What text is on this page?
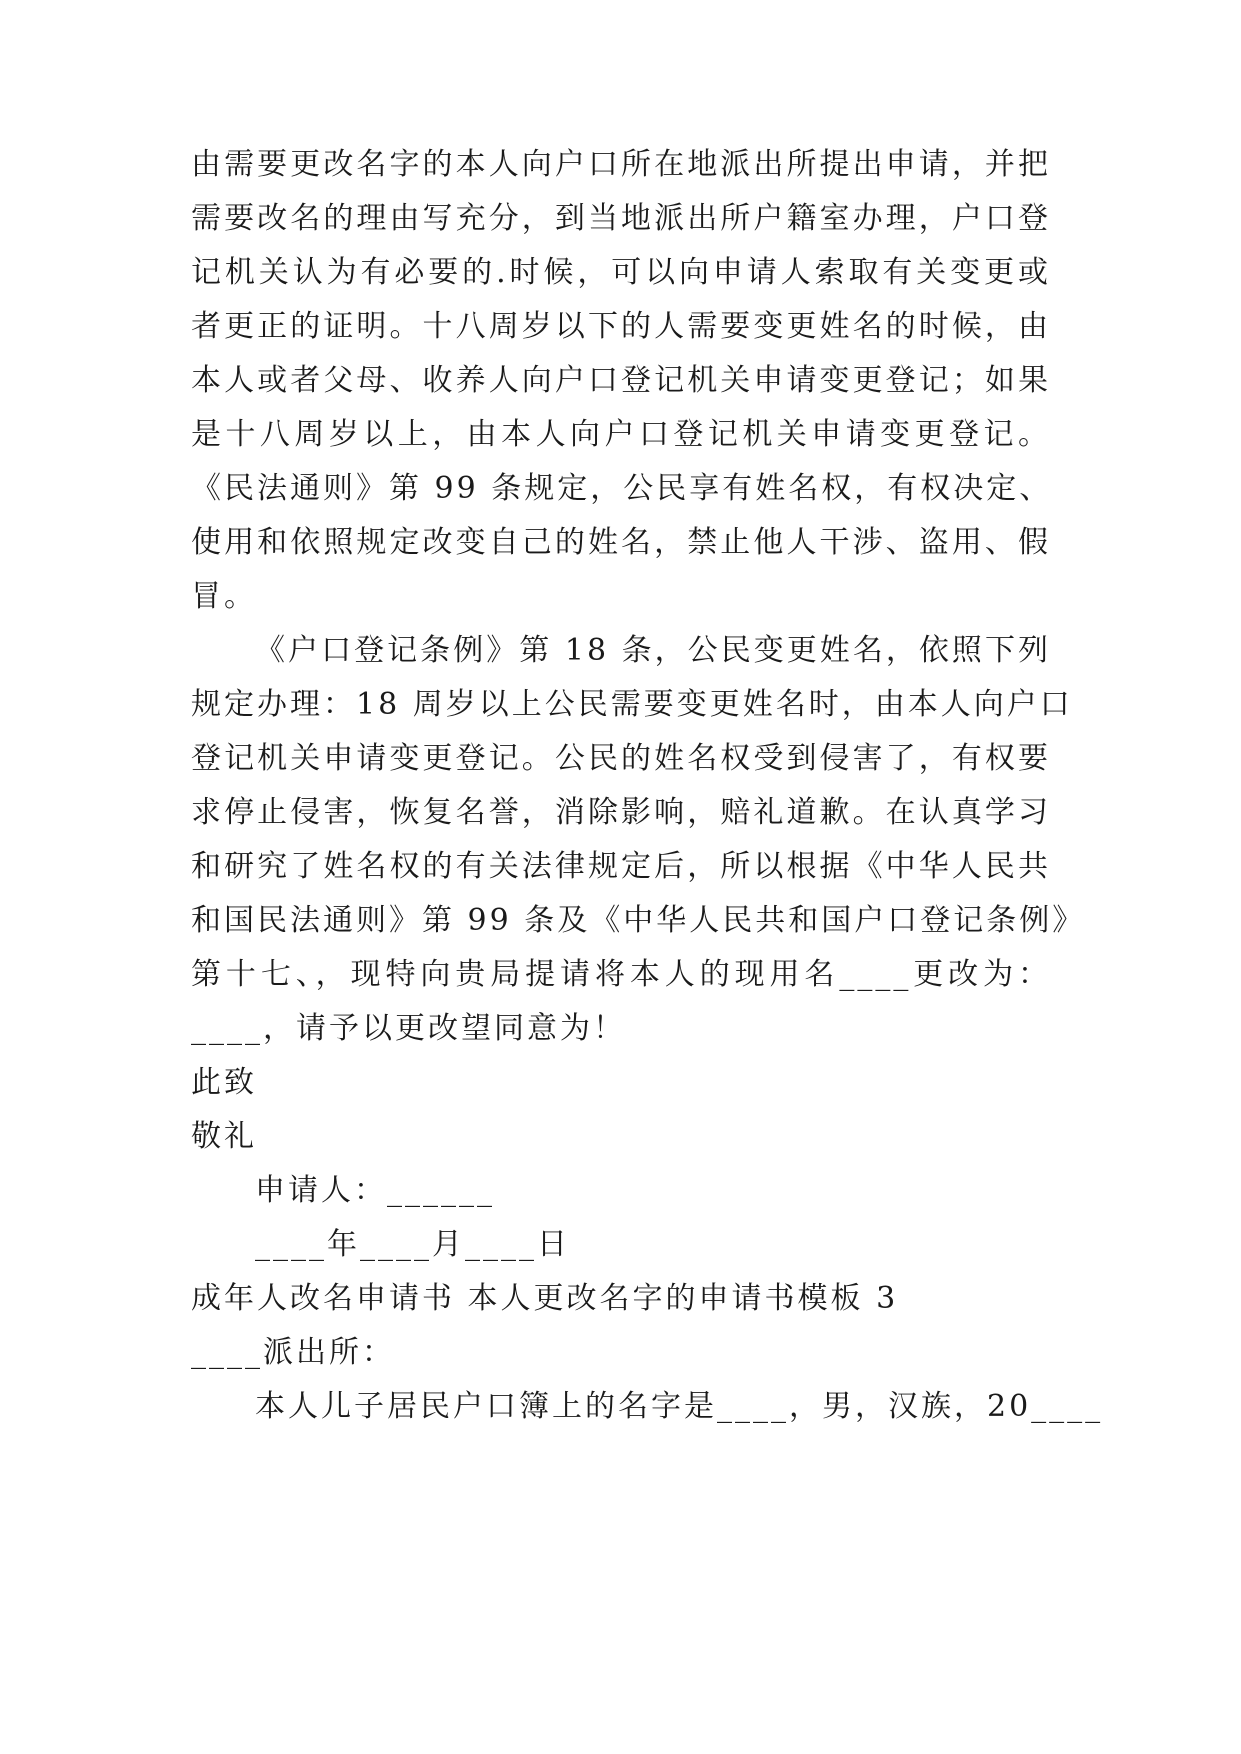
由需要更改名字的本人向户口所在地派出所提出申请，并把
需要改名的理由写充分，到当地派出所户籍室办理，户口登
记机关认为有必要的.时候，可以向申请人索取有关变更或
者更正的证明。十八周岁以下的人需要变更姓名的时候，由
本人或者父母、收养人向户口登记机关申请变更登记；如果
是十八周岁以上，由本人向户口登记机关申请变更登记。
《民法通则》第 99 条规定，公民享有姓名权，有权决定、
使用和依照规定改变自己的姓名，禁止他人干涉、盗用、假
冒。
《户口登记条例》第 18 条，公民变更姓名，依照下列
规定办理：18 周岁以上公民需要变更姓名时，由本人向户口
登记机关申请变更登记。公民的姓名权受到侵害了，有权要
求停止侵害，恢复名誉，消除影响，赔礼道歉。在认真学习
和研究了姓名权的有关法律规定后，所以根据《中华人民共
和国民法通则》第 99 条及《中华人民共和国户口登记条例》
第十七、，现特向贵局提请将本人的现用名____更改为：
____，请予以更改望同意为！
此致
敬礼
申请人：______
____年____月____日
成年人改名申请书 本人更改名字的申请书模板 3
____派出所：
本人儿子居民户口簿上的名字是____，男，汉族，20____
